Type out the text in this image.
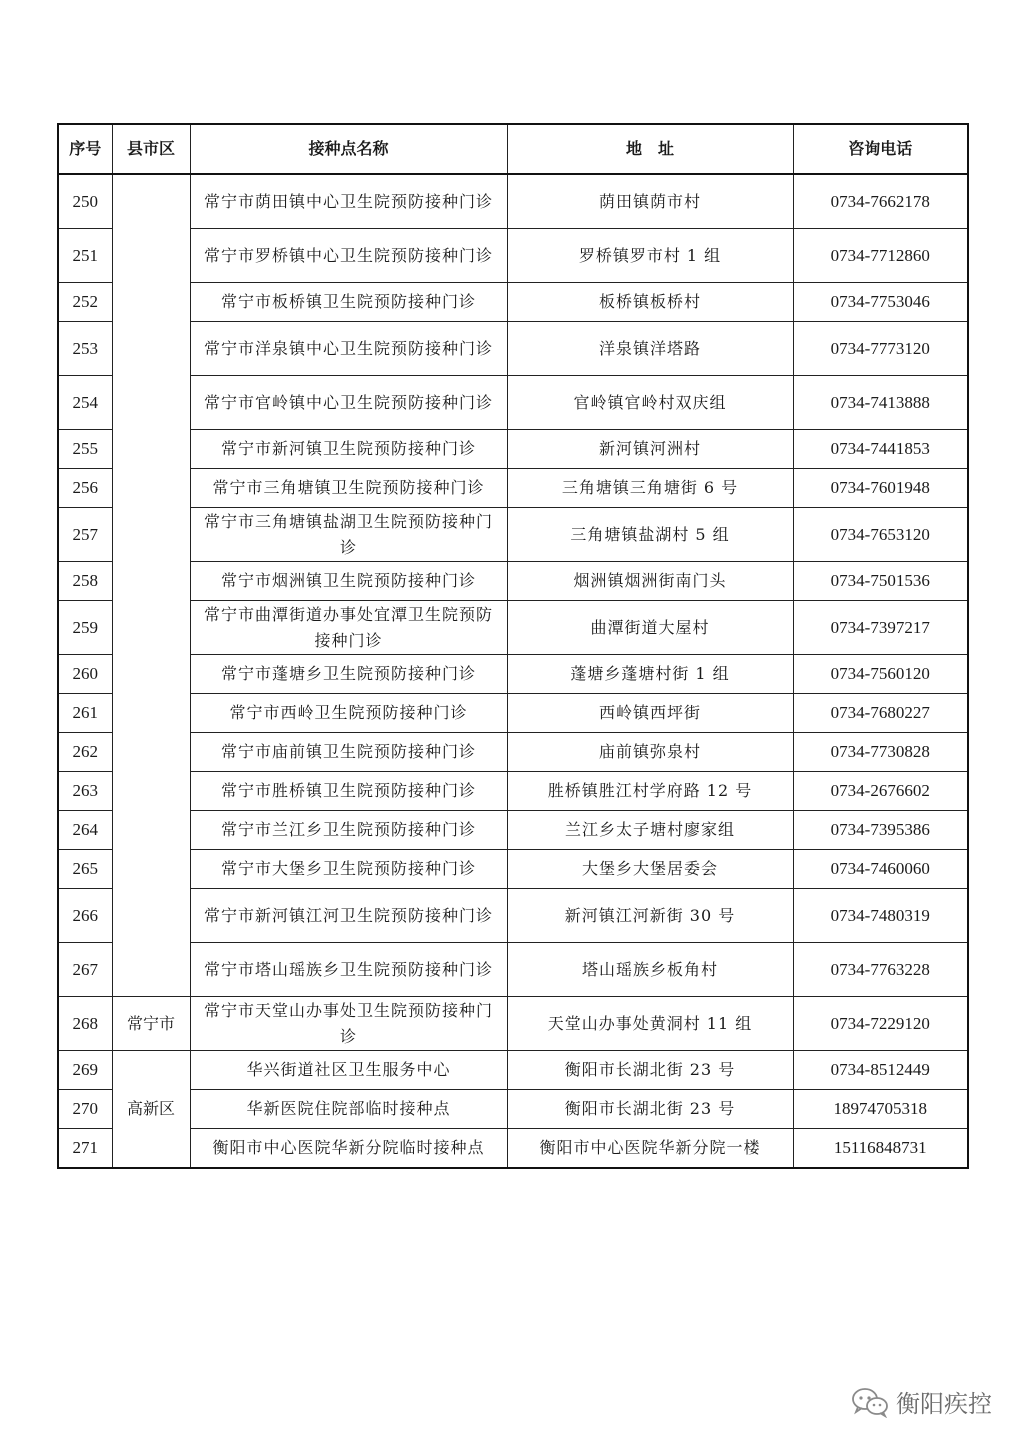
序号	县市区	接种点名称	地　址	咨询电话
250		常宁市荫田镇中心卫生院预防接种门诊	荫田镇荫市村	0734-7662178
251		常宁市罗桥镇中心卫生院预防接种门诊	罗桥镇罗市村 1 组	0734-7712860
252		常宁市板桥镇卫生院预防接种门诊	板桥镇板桥村	0734-7753046
253		常宁市洋泉镇中心卫生院预防接种门诊	洋泉镇洋塔路	0734-7773120
254		常宁市官岭镇中心卫生院预防接种门诊	官岭镇官岭村双庆组	0734-7413888
255		常宁市新河镇卫生院预防接种门诊	新河镇河洲村	0734-7441853
256		常宁市三角塘镇卫生院预防接种门诊	三角塘镇三角塘街 6 号	0734-7601948
257		常宁市三角塘镇盐湖卫生院预防接种门诊	三角塘镇盐湖村 5 组	0734-7653120
258		常宁市烟洲镇卫生院预防接种门诊	烟洲镇烟洲街南门头	0734-7501536
259		常宁市曲潭街道办事处宜潭卫生院预防接种门诊	曲潭街道大屋村	0734-7397217
260		常宁市蓬塘乡卫生院预防接种门诊	蓬塘乡蓬塘村街 1 组	0734-7560120
261		常宁市西岭卫生院预防接种门诊	西岭镇西坪街	0734-7680227
262		常宁市庙前镇卫生院预防接种门诊	庙前镇弥泉村	0734-7730828
263		常宁市胜桥镇卫生院预防接种门诊	胜桥镇胜江村学府路 12 号	0734-2676602
264		常宁市兰江乡卫生院预防接种门诊	兰江乡太子塘村廖家组	0734-7395386
265		常宁市大堡乡卫生院预防接种门诊	大堡乡大堡居委会	0734-7460060
266		常宁市新河镇江河卫生院预防接种门诊	新河镇江河新街 30 号	0734-7480319
267		常宁市塔山瑶族乡卫生院预防接种门诊	塔山瑶族乡板角村	0734-7763228
268	常宁市	常宁市天堂山办事处卫生院预防接种门诊	天堂山办事处黄洞村 11 组	0734-7229120
269	高新区	华兴街道社区卫生服务中心	衡阳市长湖北街 23 号	0734-8512449
270		华新医院住院部临时接种点	衡阳市长湖北街 23 号	18974705318
271		衡阳市中心医院华新分院临时接种点	衡阳市中心医院华新分院一楼	15116848731
衡阳疾控
